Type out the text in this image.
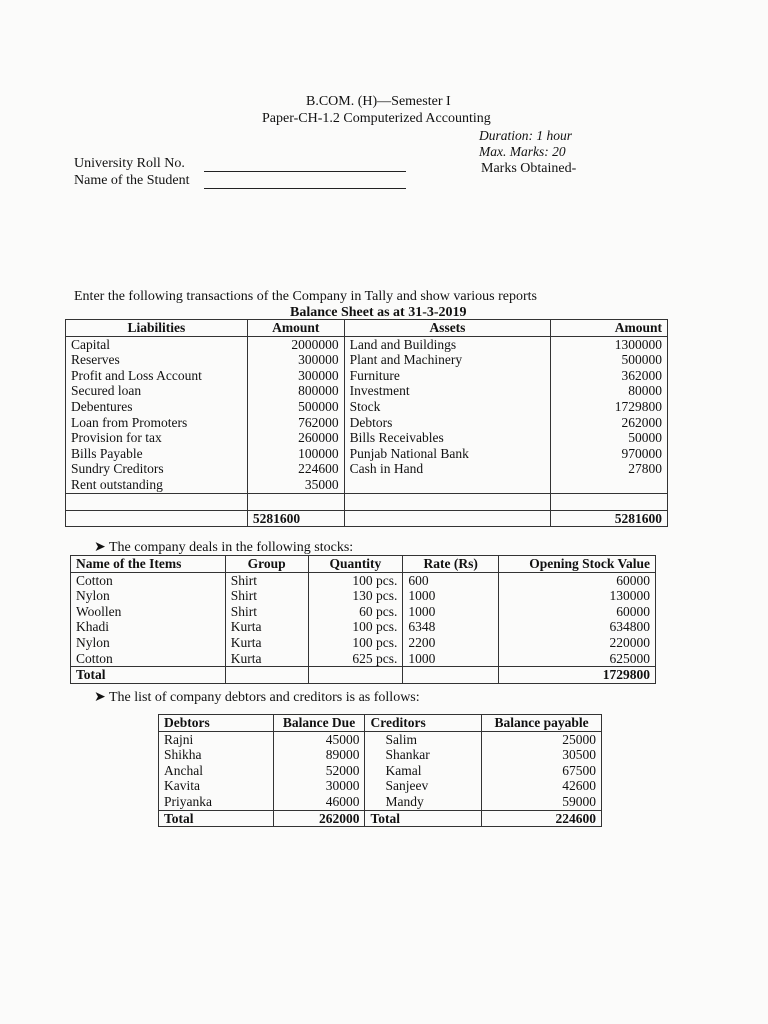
B.COM. (H)—Semester I
Paper-CH-1.2 Computerized Accounting
Duration: 1 hour
Max. Marks: 20
Marks Obtained-
University Roll No.
Name of the Student
Enter the following transactions of the Company in Tally and show various reports
Balance Sheet as at 31-3-2019
Liabilities	Amount	Assets	Amount
Capital	2000000	Land and Buildings	1300000
Reserves	300000	Plant and Machinery	500000
Profit and Loss Account	300000	Furniture	362000
Secured loan	800000	Investment	80000
Debentures	500000	Stock	1729800
Loan from Promoters	762000	Debtors	262000
Provision for tax	260000	Bills Receivables	50000
Bills Payable	100000	Punjab National Bank	970000
Sundry Creditors	224600	Cash in Hand	27800
Rent outstanding	35000		

	5281600		5281600
➤ The company deals in the following stocks:
Name of the Items	Group	Quantity	Rate (Rs)	Opening Stock Value
Cotton	Shirt	100 pcs.	600	60000
Nylon	Shirt	130 pcs.	1000	130000
Woollen	Shirt	60 pcs.	1000	60000
Khadi	Kurta	100 pcs.	6348	634800
Nylon	Kurta	100 pcs.	2200	220000
Cotton	Kurta	625 pcs.	1000	625000
Total				1729800
➤ The list of company debtors and creditors is as follows:
Debtors	Balance Due	Creditors	Balance payable
Rajni	45000	Salim	25000
Shikha	89000	Shankar	30500
Anchal	52000	Kamal	67500
Kavita	30000	Sanjeev	42600
Priyanka	46000	Mandy	59000
Total	262000	Total	224600
